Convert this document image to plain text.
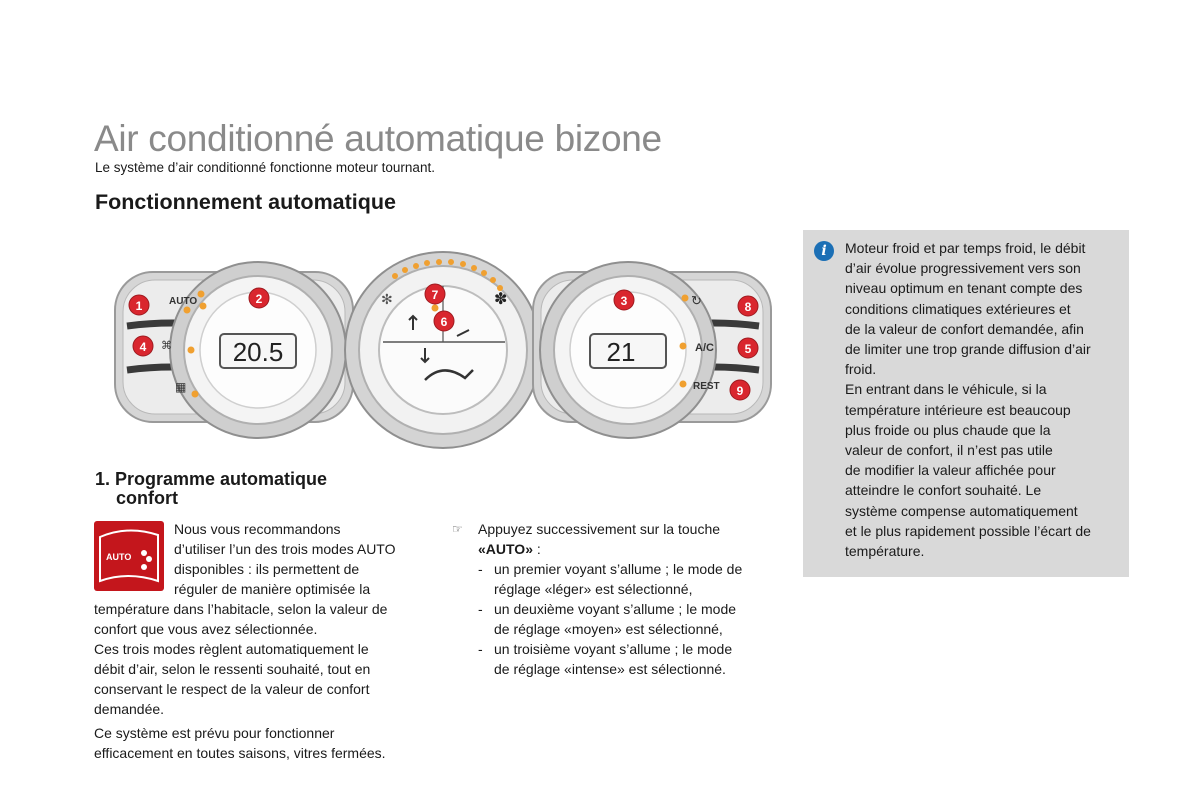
Air conditionné automatique bizone
Le système d’air conditionné fonctionne moteur tournant.
Fonctionnement automatique
20.5
✻	✽
21
AUTO
⌘
▦
↻
A/C
REST
1	2	3
4	5
6
7
8
9
1. Programme automatique
confort
AUTO
Nous vous recommandons
d’utiliser l’un des trois modes AUTO
disponibles : ils permettent de
réguler de manière optimisée la
température dans l’habitacle, selon la valeur de
confort que vous avez sélectionnée.
Ces trois modes règlent automatiquement le
débit d’air, selon le ressenti souhaité, tout en
conservant le respect de la valeur de confort
demandée.
Ce système est prévu pour fonctionner
efficacement en toutes saisons, vitres fermées.
☞ Appuyez successivement sur la touche
«AUTO» :
- un premier voyant s’allume ; le mode de
réglage «léger» est sélectionné,
- un deuxième voyant s’allume ; le mode
de réglage «moyen» est sélectionné,
- un troisième voyant s’allume ; le mode
de réglage «intense» est sélectionné.
i	Moteur froid et par temps froid, le débit
d’air évolue progressivement vers son
niveau optimum en tenant compte des
conditions climatiques extérieures et
de la valeur de confort demandée, afin
de limiter une trop grande diffusion d’air
froid.
En entrant dans le véhicule, si la
température intérieure est beaucoup
plus froide ou plus chaude que la
valeur de confort, il n’est pas utile
de modifier la valeur affichée pour
atteindre le confort souhaité. Le
système compense automatiquement
et le plus rapidement possible l’écart de
température.
